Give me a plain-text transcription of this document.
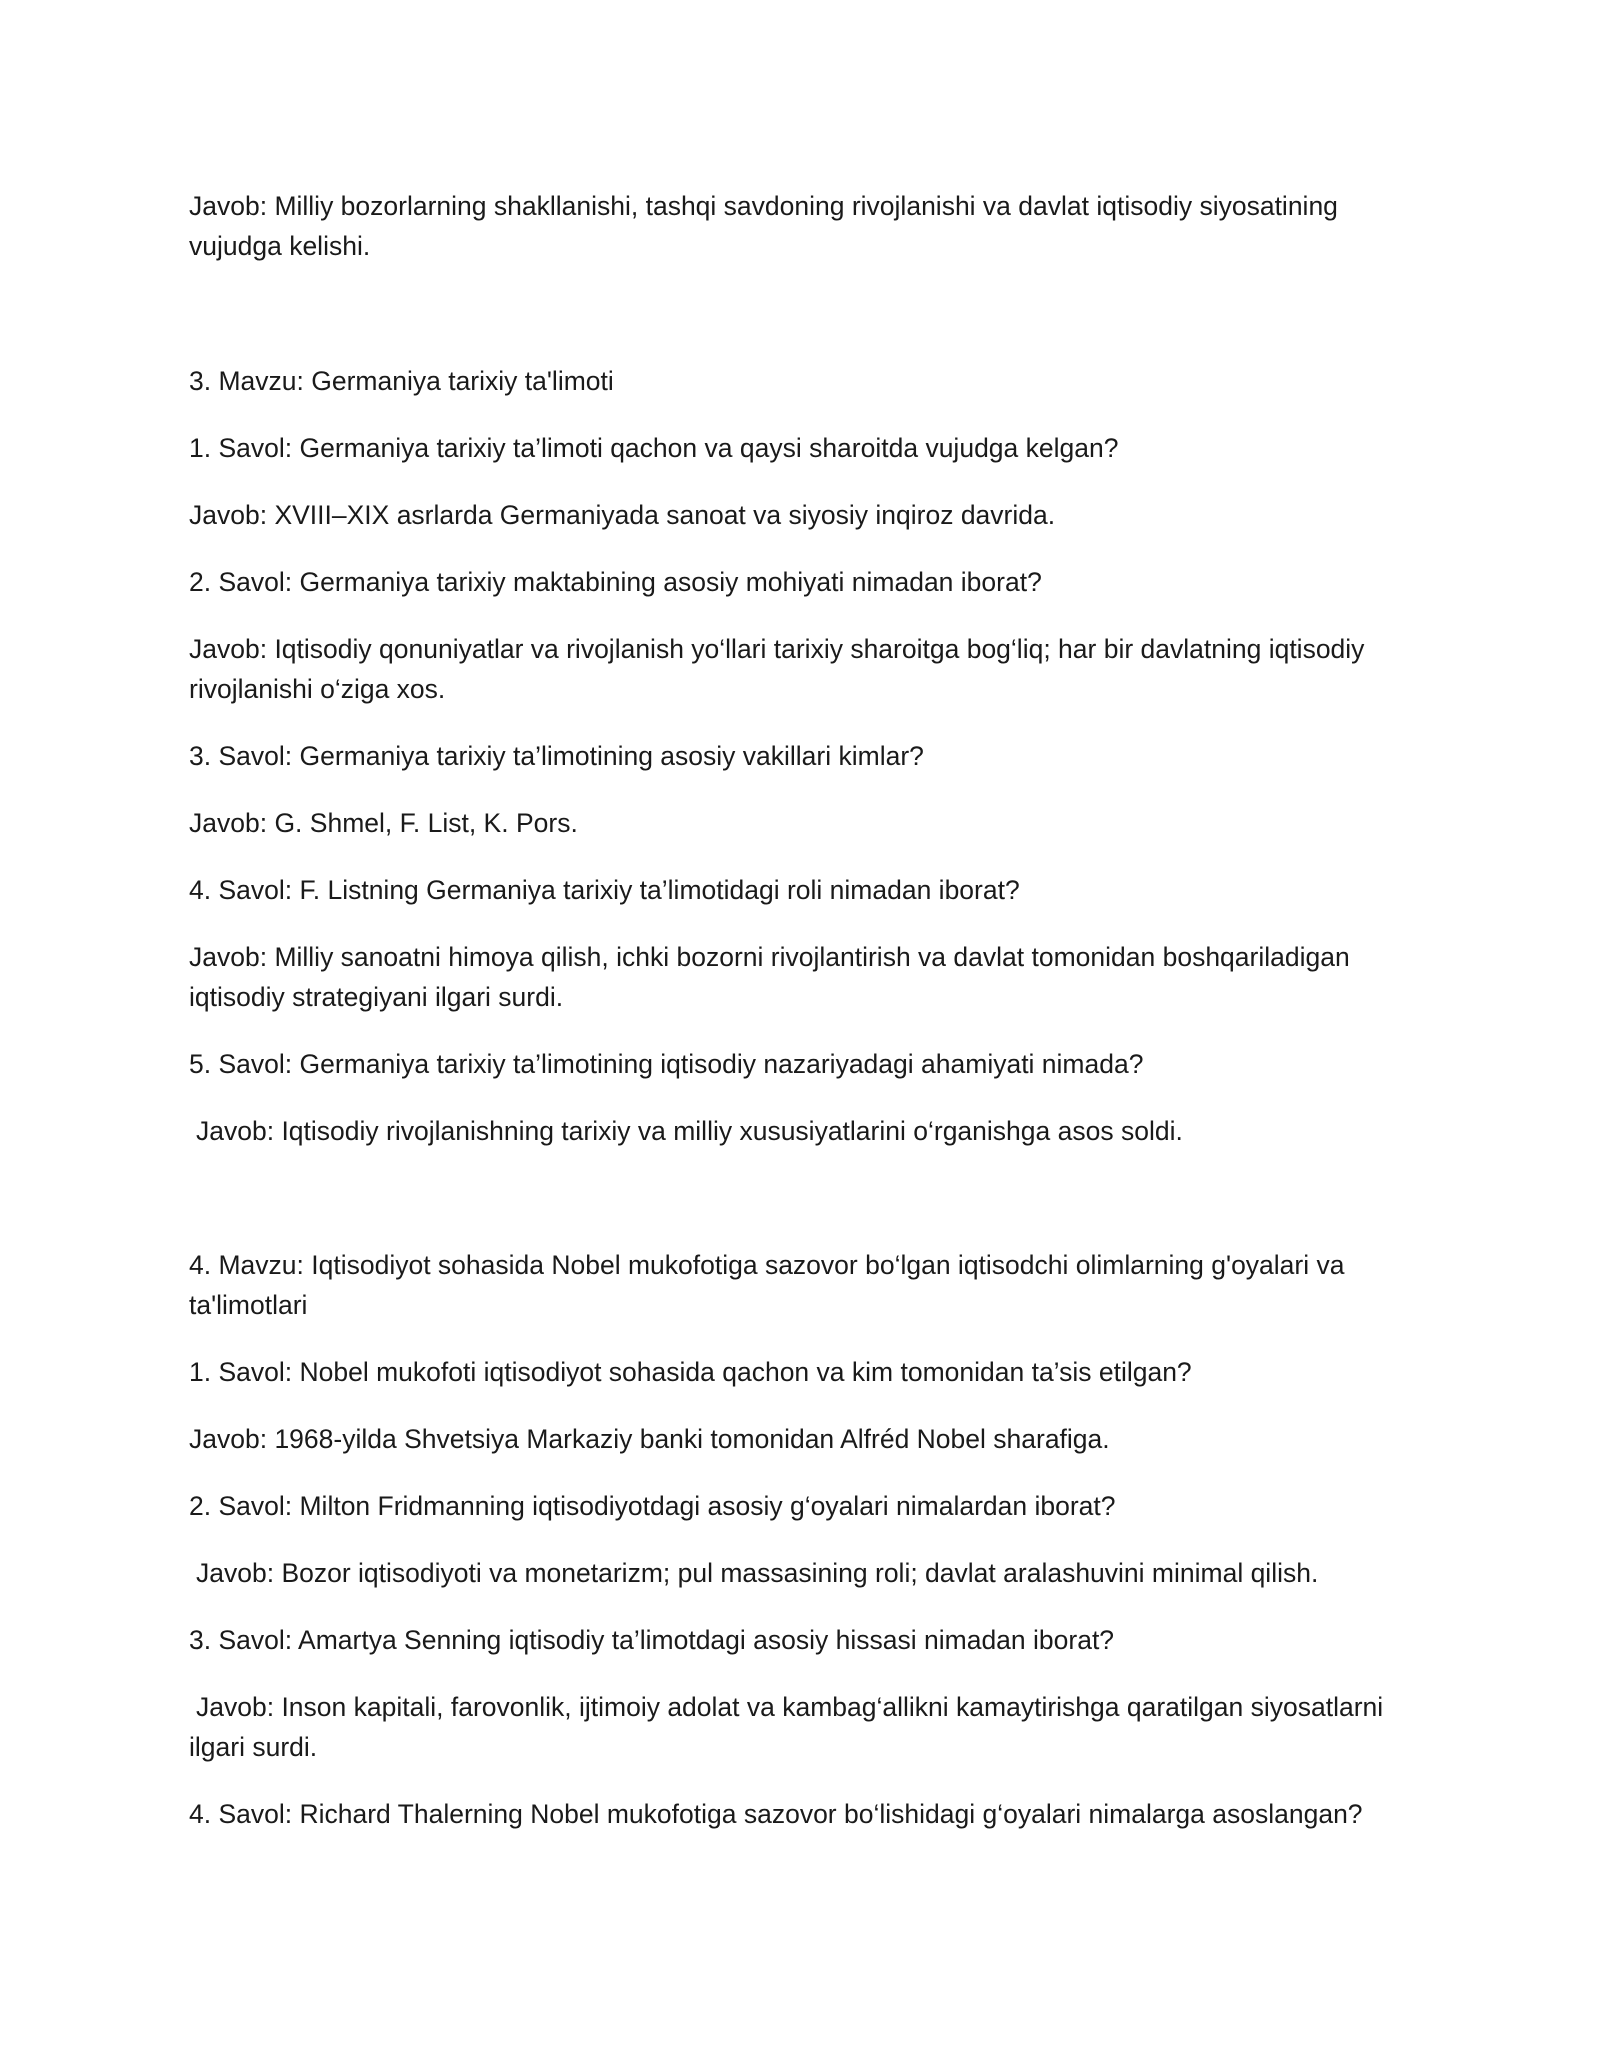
Javob: Milliy bozorlarning shakllanishi, tashqi savdoning rivojlanishi va davlat iqtisodiy siyosatining

vujudga kelishi.

3. Mavzu: Germaniya tarixiy ta'limoti

1. Savol: Germaniya tarixiy ta’limoti qachon va qaysi sharoitda vujudga kelgan?

Javob: XVIII–XIX asrlarda Germaniyada sanoat va siyosiy inqiroz davrida.

2. Savol: Germaniya tarixiy maktabining asosiy mohiyati nimadan iborat?

Javob: Iqtisodiy qonuniyatlar va rivojlanish yo‘llari tarixiy sharoitga bog‘liq; har bir davlatning iqtisodiy

rivojlanishi o‘ziga xos.

3. Savol: Germaniya tarixiy ta’limotining asosiy vakillari kimlar?

Javob: G. Shmel, F. List, K. Pors.

4. Savol: F. Listning Germaniya tarixiy ta’limotidagi roli nimadan iborat?

Javob: Milliy sanoatni himoya qilish, ichki bozorni rivojlantirish va davlat tomonidan boshqariladigan

iqtisodiy strategiyani ilgari surdi.

5. Savol: Germaniya tarixiy ta’limotining iqtisodiy nazariyadagi ahamiyati nimada?

Javob: Iqtisodiy rivojlanishning tarixiy va milliy xususiyatlarini o‘rganishga asos soldi.

4. Mavzu: Iqtisodiyot sohasida Nobel mukofotiga sazovor bo‘lgan iqtisodchi olimlarning g'oyalari va

ta'limotlari

1. Savol: Nobel mukofoti iqtisodiyot sohasida qachon va kim tomonidan ta’sis etilgan?

Javob: 1968-yilda Shvetsiya Markaziy banki tomonidan Alfréd Nobel sharafiga.

2. Savol: Milton Fridmanning iqtisodiyotdagi asosiy g‘oyalari nimalardan iborat?

Javob: Bozor iqtisodiyoti va monetarizm; pul massasining roli; davlat aralashuvini minimal qilish.

3. Savol: Amartya Senning iqtisodiy ta’limotdagi asosiy hissasi nimadan iborat?

Javob: Inson kapitali, farovonlik, ijtimoiy adolat va kambag‘allikni kamaytirishga qaratilgan siyosatlarni

ilgari surdi.

4. Savol: Richard Thalerning Nobel mukofotiga sazovor bo‘lishidagi g‘oyalari nimalarga asoslangan?
